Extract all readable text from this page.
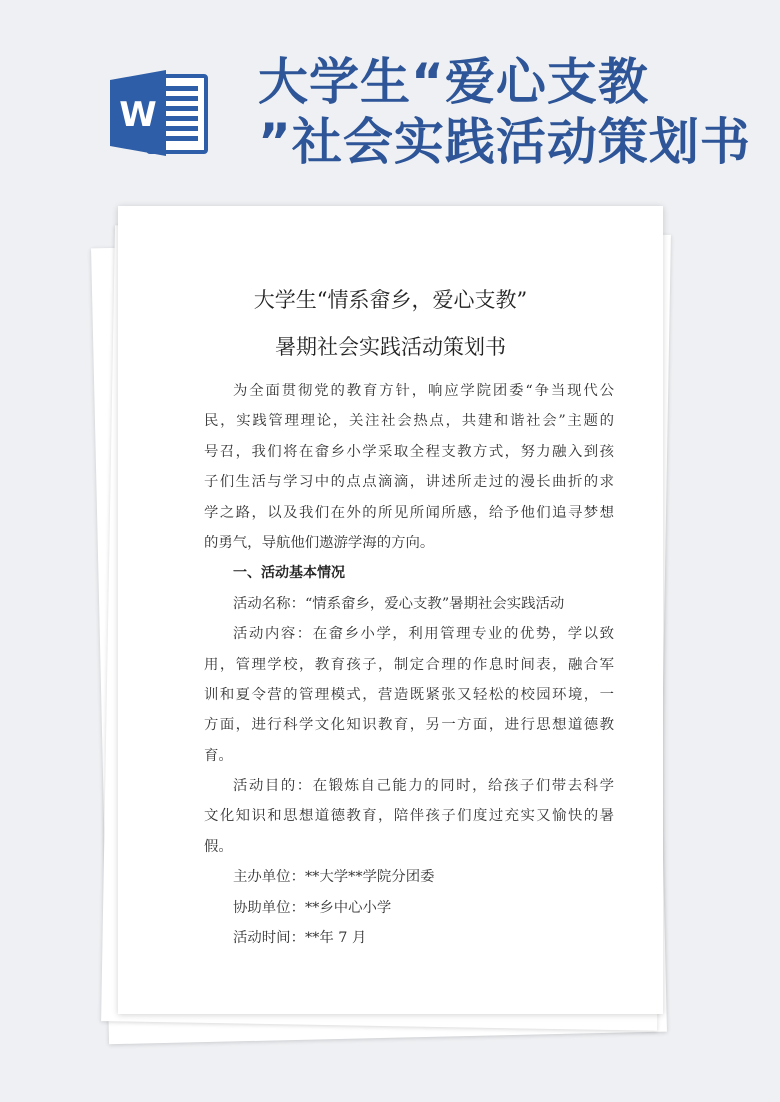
W
大学生“爱心支教
”社会实践活动策划书
大学生“情系畲乡，爱心支教”
暑期社会实践活动策划书
为全面贯彻党的教育方针，响应学院团委“争当现代公
民，实践管理理论，关注社会热点，共建和谐社会”主题的
号召，我们将在畲乡小学采取全程支教方式，努力融入到孩
子们生活与学习中的点点滴滴，讲述所走过的漫长曲折的求
学之路，以及我们在外的所见所闻所感，给予他们追寻梦想
的勇气，导航他们遨游学海的方向。
一、活动基本情况
活动名称：“情系畲乡，爱心支教”暑期社会实践活动
活动内容：在畲乡小学，利用管理专业的优势，学以致
用，管理学校，教育孩子，制定合理的作息时间表，融合军
训和夏令营的管理模式，营造既紧张又轻松的校园环境，一
方面，进行科学文化知识教育，另一方面，进行思想道德教
育。
活动目的：在锻炼自己能力的同时，给孩子们带去科学
文化知识和思想道德教育，陪伴孩子们度过充实又愉快的暑
假。
主办单位：**大学**学院分团委
协助单位：**乡中心小学
活动时间：**年 7 月
